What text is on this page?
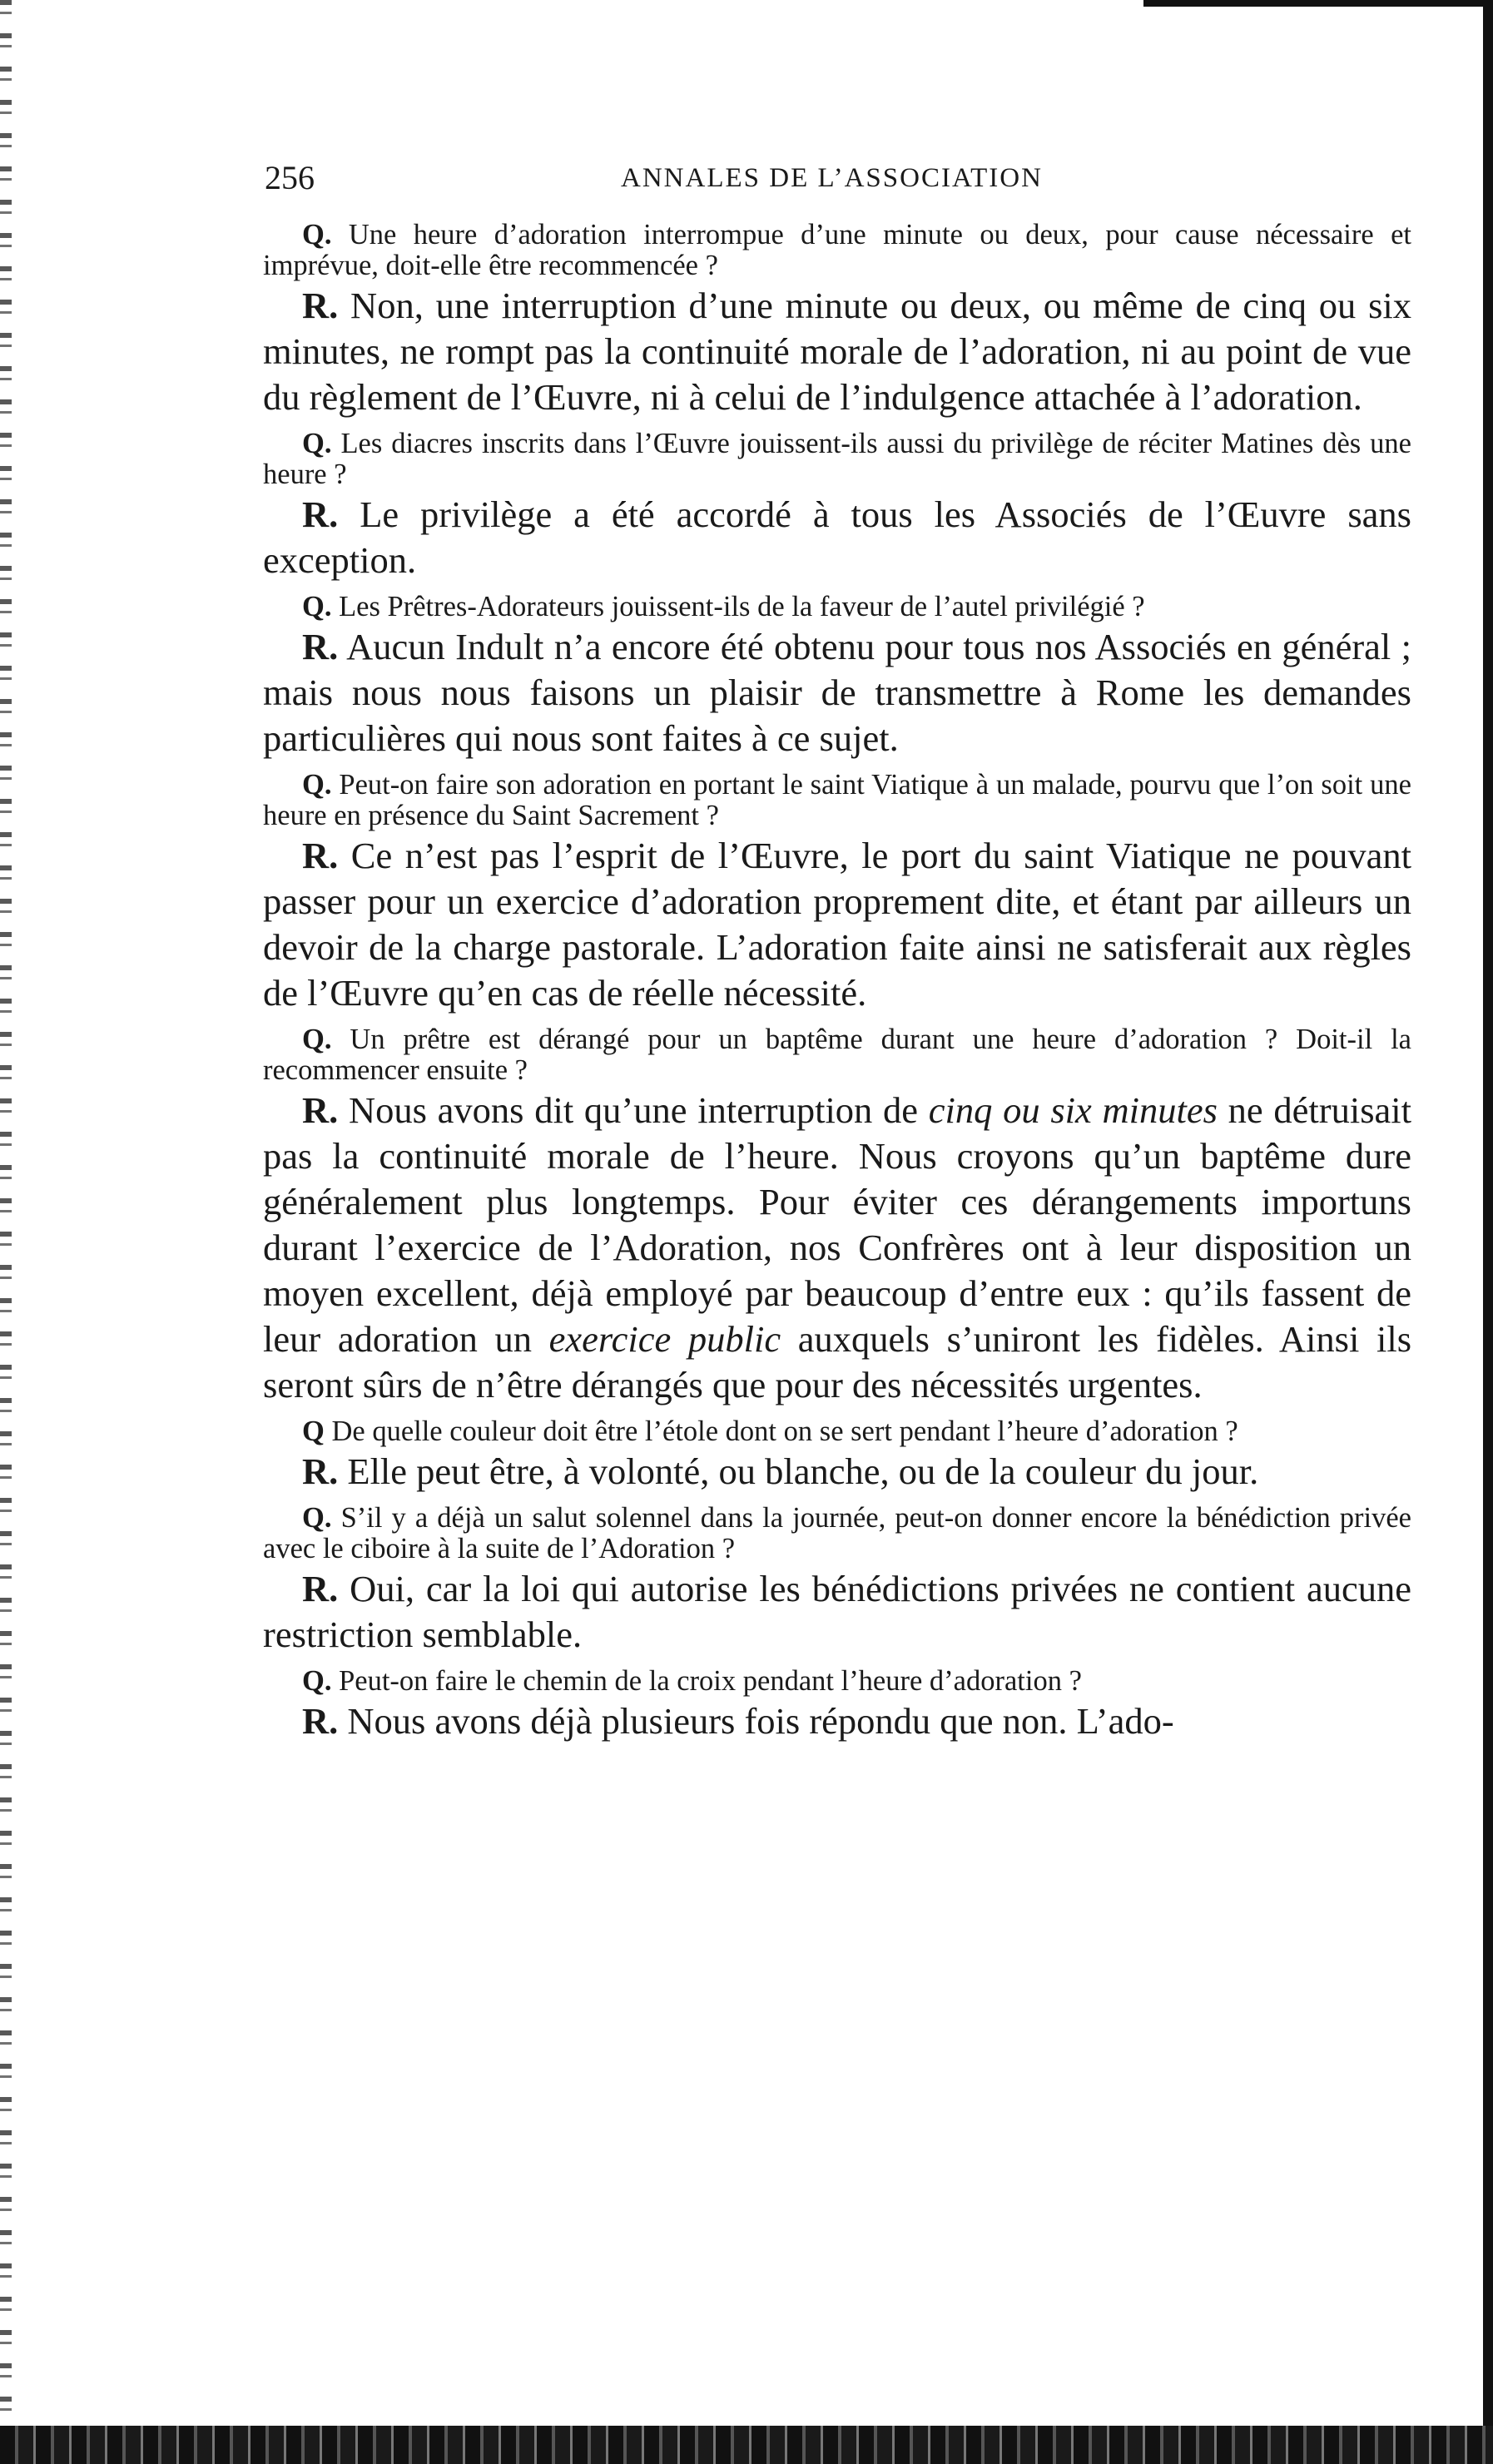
256	ANNALES DE L’ASSOCIATION

Q. Une heure d’adoration interrompue d’une minute ou deux, pour cause nécessaire et imprévue, doit-elle être recommencée ?

R. Non, une interruption d’une minute ou deux, ou même de cinq ou six minutes, ne rompt pas la continuité morale de l’adoration, ni au point de vue du règlement de l’Œuvre, ni à celui de l’indulgence attachée à l’adoration.

Q. Les diacres inscrits dans l’Œuvre jouissent-ils aussi du privilège de réciter Matines dès une heure ?

R. Le privilège a été accordé à tous les Associés de l’Œuvre sans exception.

Q. Les Prêtres-Adorateurs jouissent-ils de la faveur de l’autel privilégié ?

R. Aucun Indult n’a encore été obtenu pour tous nos Associés en général ; mais nous nous faisons un plaisir de transmettre à Rome les demandes particulières qui nous sont faites à ce sujet.

Q. Peut-on faire son adoration en portant le saint Viatique à un malade, pourvu que l’on soit une heure en présence du Saint Sacrement ?

R. Ce n’est pas l’esprit de l’Œuvre, le port du saint Viatique ne pouvant passer pour un exercice d’adoration proprement dite, et étant par ailleurs un devoir de la charge pastorale. L’adoration faite ainsi ne satisferait aux règles de l’Œuvre qu’en cas de réelle nécessité.

Q. Un prêtre est dérangé pour un baptême durant une heure d’adoration ? Doit-il la recommencer ensuite ?

R. Nous avons dit qu’une interruption de cinq ou six minutes ne détruisait pas la continuité morale de l’heure. Nous croyons qu’un baptême dure généralement plus longtemps. Pour éviter ces dérangements importuns durant l’exercice de l’Adoration, nos Confrères ont à leur disposition un moyen excellent, déjà employé par beaucoup d’entre eux : qu’ils fassent de leur adoration un exercice public auxquels s’uniront les fidèles. Ainsi ils seront sûrs de n’être dérangés que pour des nécessités urgentes.

Q De quelle couleur doit être l’étole dont on se sert pendant l’heure d’adoration ?

R. Elle peut être, à volonté, ou blanche, ou de la couleur du jour.

Q. S’il y a déjà un salut solennel dans la journée, peut-on donner encore la bénédiction privée avec le ciboire à la suite de l’Adoration ?

R. Oui, car la loi qui autorise les bénédictions privées ne contient aucune restriction semblable.

Q. Peut-on faire le chemin de la croix pendant l’heure d’adoration ?

R. Nous avons déjà plusieurs fois répondu que non. L’ado-
